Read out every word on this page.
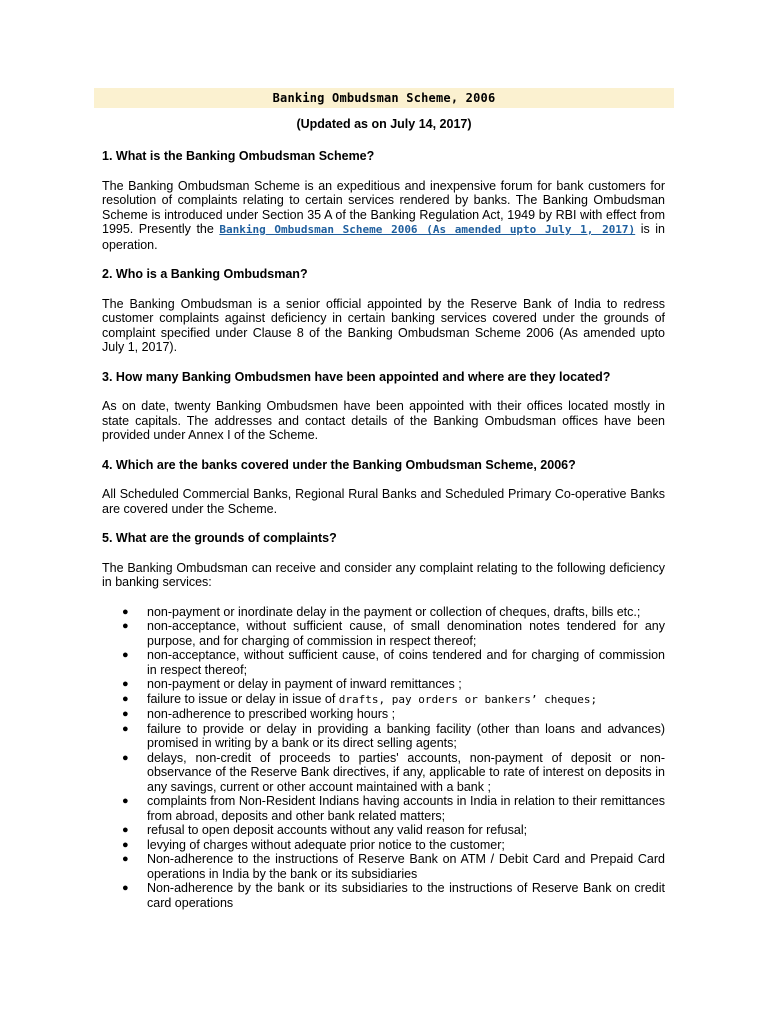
Banking Ombudsman Scheme, 2006
(Updated as on July 14, 2017)
1. What is the Banking Ombudsman Scheme?
The Banking Ombudsman Scheme is an expeditious and inexpensive forum for bank customers for resolution of complaints relating to certain services rendered by banks. The Banking Ombudsman Scheme is introduced under Section 35 A of the Banking Regulation Act, 1949 by RBI with effect from 1995. Presently the Banking Ombudsman Scheme 2006 (As amended upto July 1, 2017) is in operation.
2. Who is a Banking Ombudsman?
The Banking Ombudsman is a senior official appointed by the Reserve Bank of India to redress customer complaints against deficiency in certain banking services covered under the grounds of complaint specified under Clause 8 of the Banking Ombudsman Scheme 2006 (As amended upto July 1, 2017).
3. How many Banking Ombudsmen have been appointed and where are they located?
As on date, twenty Banking Ombudsmen have been appointed with their offices located mostly in state capitals. The addresses and contact details of the Banking Ombudsman offices have been provided under Annex I of the Scheme.
4. Which are the banks covered under the Banking Ombudsman Scheme, 2006?
All Scheduled Commercial Banks, Regional Rural Banks and Scheduled Primary Co-operative Banks are covered under the Scheme.
5. What are the grounds of complaints?
The Banking Ombudsman can receive and consider any complaint relating to the following deficiency in banking services:
● non-payment or inordinate delay in the payment or collection of cheques, drafts, bills etc.;
● non-acceptance, without sufficient cause, of small denomination notes tendered for any purpose, and for charging of commission in respect thereof;
● non-acceptance, without sufficient cause, of coins tendered and for charging of commission in respect thereof;
● non-payment or delay in payment of inward remittances ;
● failure to issue or delay in issue of drafts, pay orders or bankers’ cheques;
● non-adherence to prescribed working hours ;
● failure to provide or delay in providing a banking facility (other than loans and advances) promised in writing by a bank or its direct selling agents;
● delays, non-credit of proceeds to parties' accounts, non-payment of deposit or non-observance of the Reserve Bank directives, if any, applicable to rate of interest on deposits in any savings, current or other account maintained with a bank ;
● complaints from Non-Resident Indians having accounts in India in relation to their remittances from abroad, deposits and other bank related matters;
● refusal to open deposit accounts without any valid reason for refusal;
● levying of charges without adequate prior notice to the customer;
● Non-adherence to the instructions of Reserve Bank on ATM / Debit Card and Prepaid Card operations in India by the bank or its subsidiaries
● Non-adherence by the bank or its subsidiaries to the instructions of Reserve Bank on credit card operations
